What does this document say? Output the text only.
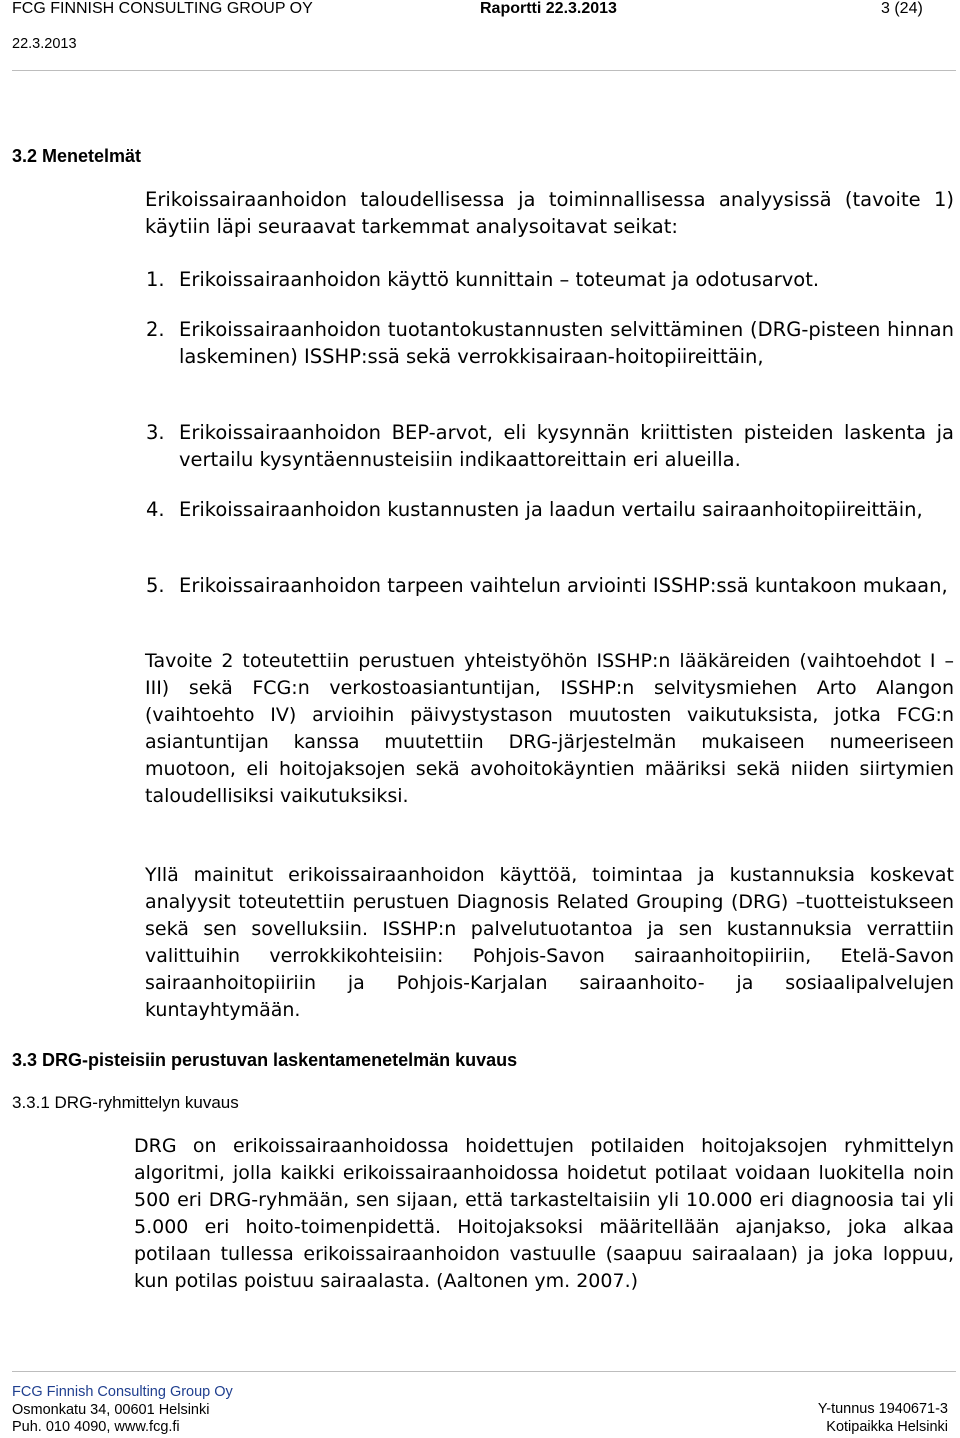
FCG FINNISH CONSULTING GROUP OY	Raportti 22.3.2013	3 (24)
22.3.2013
3.2 Menetelmät
Erikoissairaanhoidon taloudellisessa ja toiminnallisessa analyysissä (tavoite 1) käytiin läpi seuraavat tarkemmat analysoitavat seikat:
1. Erikoissairaanhoidon käyttö kunnittain – toteumat ja odotusarvot.
2. Erikoissairaanhoidon tuotantokustannusten selvittäminen (DRG-pisteen hinnan laskeminen) ISSHP:ssä sekä verrokkisairaan-hoitopiireittäin,
3. Erikoissairaanhoidon BEP-arvot, eli kysynnän kriittisten pisteiden laskenta ja vertailu kysyntäennusteisiin indikaattoreittain eri alueilla.
4. Erikoissairaanhoidon kustannusten ja laadun vertailu sairaanhoitopiireittäin,
5. Erikoissairaanhoidon tarpeen vaihtelun arviointi ISSHP:ssä kuntakoon mukaan,
Tavoite 2 toteutettiin perustuen yhteistyöhön ISSHP:n lääkäreiden (vaihtoehdot I – III) sekä FCG:n verkostoasiantuntijan, ISSHP:n selvitysmiehen Arto Alangon (vaihtoehto IV) arvioihin päivystystason muutosten vaikutuksista, jotka FCG:n asiantuntijan kanssa muutettiin DRG-järjestelmän mukaiseen numeeriseen muotoon, eli hoitojaksojen sekä avohoitokäyntien määriksi sekä niiden siirtymien taloudellisiksi vaikutuksiksi.
Yllä mainitut erikoissairaanhoidon käyttöä, toimintaa ja kustannuksia koskevat analyysit toteutettiin perustuen Diagnosis Related Grouping (DRG) –tuotteistukseen sekä sen sovelluksiin. ISSHP:n palvelutuotantoa ja sen kustannuksia verrattiin valittuihin verrokkikohteisiin: Pohjois-Savon sairaanhoitopiiriin, Etelä-Savon sairaanhoitopiiriin ja Pohjois-Karjalan sairaanhoito- ja sosiaalipalvelujen kuntayhtymään.
3.3 DRG-pisteisiin perustuvan laskentamenetelmän kuvaus
3.3.1 DRG-ryhmittelyn kuvaus
DRG on erikoissairaanhoidossa hoidettujen potilaiden hoitojaksojen ryhmittelyn algoritmi, jolla kaikki erikoissairaanhoidossa hoidetut potilaat voidaan luokitella noin 500 eri DRG-ryhmään, sen sijaan, että tarkasteltaisiin yli 10.000 eri diagnoosia tai yli 5.000 eri hoito-toimenpidettä. Hoitojaksoksi määritellään ajanjakso, joka alkaa potilaan tullessa erikoissairaanhoidon vastuulle (saapuu sairaalaan) ja joka loppuu, kun potilas poistuu sairaalasta. (Aaltonen ym. 2007.)
FCG Finnish Consulting Group Oy
Osmonkatu 34, 00601 Helsinki
Puh. 010 4090, www.fcg.fi
Y-tunnus 1940671-3
Kotipaikka Helsinki
